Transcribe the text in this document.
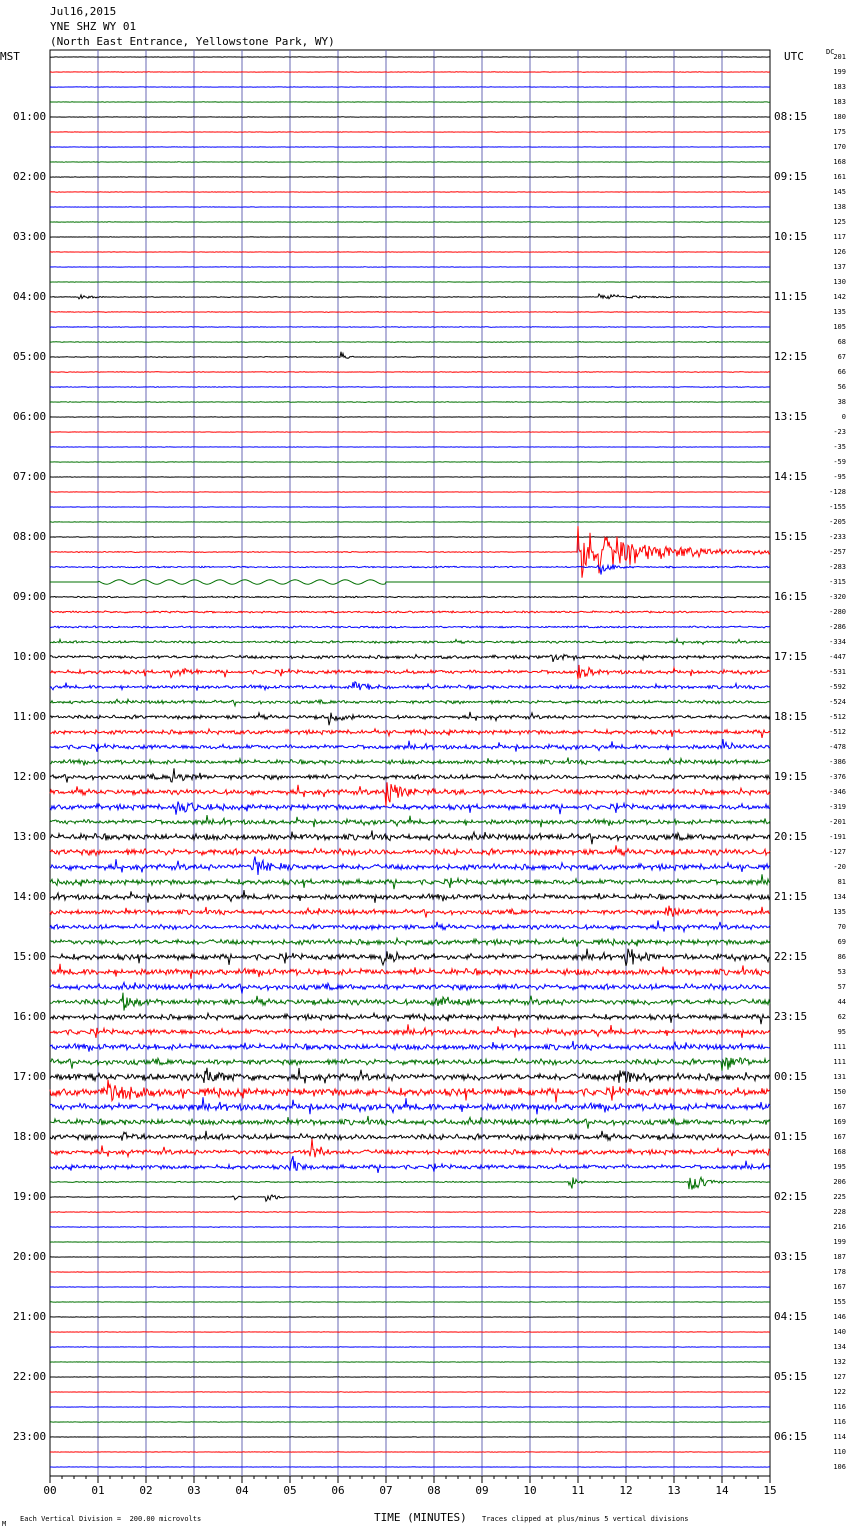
Jul16,2015
YNE SHZ WY 01
(North East Entrance, Yellowstone Park, WY)
MST	UTC	DC
00	01	02	03	04	05	06	07	08	09	10	11	12	13	14	15
01:00
02:00
03:00
04:00
05:00
06:00
07:00
08:00
09:00
10:00
11:00
12:00
13:00
14:00
15:00
16:00
17:00
18:00
19:00
20:00
21:00
22:00
23:00
08:15
09:15
10:15
11:15
12:15
13:15
14:15
15:15
16:15
17:15
18:15
19:15
20:15
21:15
22:15
23:15
00:15
01:15
02:15
03:15
04:15
05:15
06:15
201
199
183
183
180
175
170
168
161
145
138
125
117
126
137
130
142
135
105
68
67
66
56
38
0
-23
-35
-59
-95
-128
-155
-205
-233
-257
-283
-315
-320
-280
-286
-334
-447
-531
-592
-524
-512
-512
-478
-386
-376
-346
-319
-201
-191
-127
-20
81
134
135
70
69
86
53
57
44
62
95
111
111
131
150
167
169
167
168
195
206
225
228
216
199
187
178
167
155
146
140
134
132
127
122
116
116
114
110
106
TIME (MINUTES)
Each Vertical Division =  200.00 microvolts	Traces clipped at plus/minus 5 vertical divisions
M
